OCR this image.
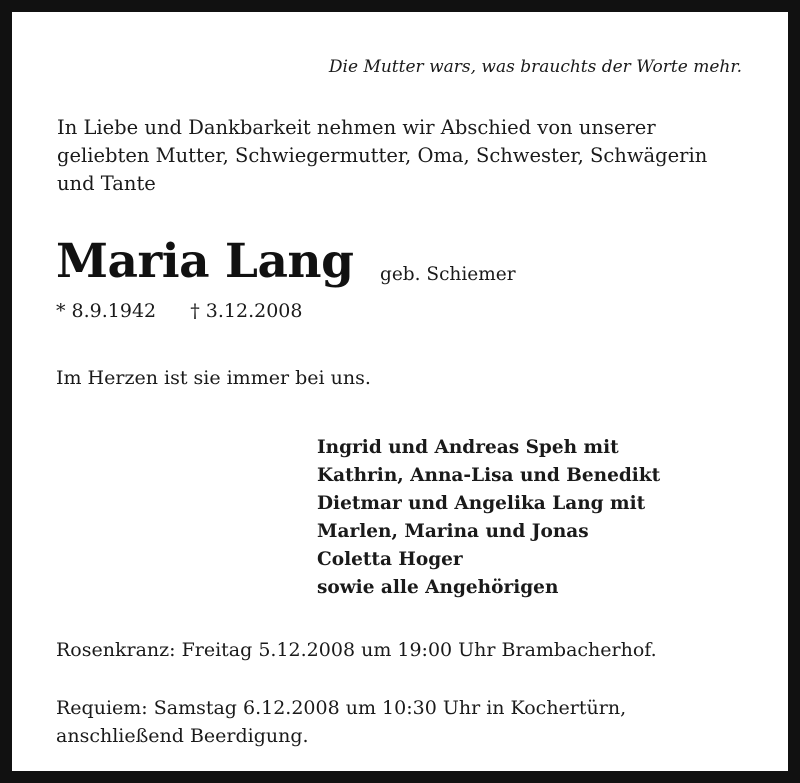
Die Mutter wars, was brauchts der Worte mehr.

In Liebe und Dankbarkeit nehmen wir Abschied von unserer
geliebten Mutter, Schwiegermutter, Oma, Schwester, Schwägerin
und Tante
Maria Lang geb. Schiemer
* 8.9.1942 † 3.12.2008

Im Herzen ist sie immer bei uns.

Ingrid und Andreas Speh mit
Kathrin, Anna-Lisa und Benedikt
Dietmar und Angelika Lang mit
Marlen, Marina und Jonas
Coletta Hoger
sowie alle Angehörigen

Rosenkranz: Freitag 5.12.2008 um 19:00 Uhr Brambacherhof.

Requiem: Samstag 6.12.2008 um 10:30 Uhr in Kochertürn,
anschließend Beerdigung.
